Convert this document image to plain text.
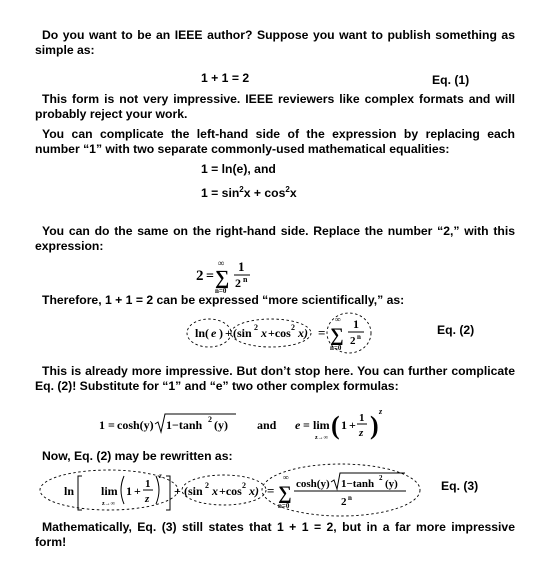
Do you want to be an IEEE author? Suppose you want to publish something as simple as:

1 + 1 = 2	Eq. (1)

This form is not very impressive. IEEE reviewers like complex formats and will probably reject your work.

You can complicate the left-hand side of the expression by replacing each number “1” with two separate commonly-used mathematical equalities:

1 = ln(e), and
$1 = \sin^2x + \cos^2x$

You can do the same on the right-hand side. Replace the number “2,” with this expression:

2 =
∞
∑
n=0
1
2 n
Therefore, 1 + 1 = 2 can be expressed “more scientifically,” as:
ln( e ) + (sin 2 x +cos 2 x) =
∞
∑
n=0
1
2 n	Eq. (2)

This is already more impressive. But don’t stop here. You can further complicate Eq. (2)! Substitute for “1” and “e” two other complex formulas:

1 = cosh(y) 1−tanh 2 (y) and e = lim
z→∞ ( 1 + 1
z ) z
Now, Eq. (2) may be rewritten as:
ln lim
z→∞
1 + 1
z
z
+ (sin 2 x +cos 2 x) =
∞
∑
n=0
cosh(y) 1−tanh 2 (y)
2 n
Eq. (3)

Mathematically, Eq. (3) still states that 1 + 1 = 2, but in a far more impressive form!
